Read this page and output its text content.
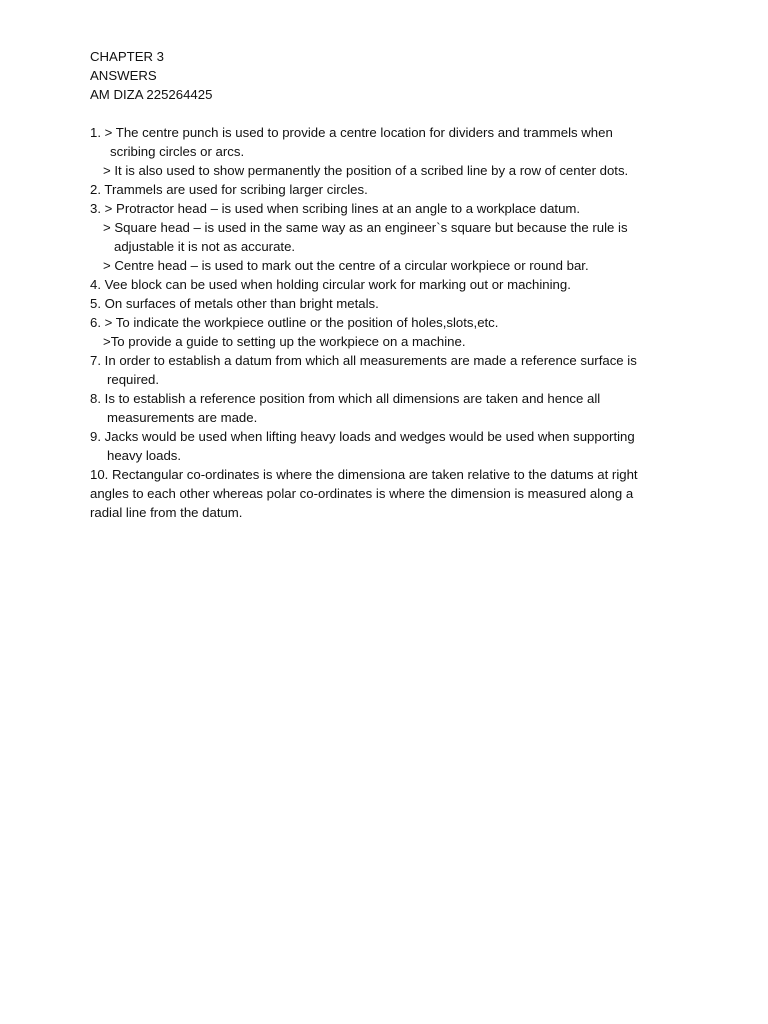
CHAPTER 3
ANSWERS
AM DIZA 225264425
1. > The centre punch is used to provide a centre location for dividers and trammels when
scribing circles or arcs.
> It is also used to show permanently the position of a scribed line by a row of center dots.
2. Trammels are used for scribing larger circles.
3. > Protractor head – is used when scribing lines at an angle to a workplace datum.
> Square head – is used in the same way as an engineer`s square but because the rule is
adjustable it is not as accurate.
> Centre head – is used to mark out the centre of a circular workpiece or round bar.
4. Vee block can be used when holding circular work for marking out or machining.
5. On surfaces of metals other than bright metals.
6. > To indicate the workpiece outline or the position of holes,slots,etc.
>To provide a guide to setting up the workpiece on a machine.
7. In order to establish a datum from which all measurements are made a reference surface is
required.
8. Is to establish a reference position from which all dimensions are taken and hence all
measurements are made.
9. Jacks would be used when lifting heavy loads and wedges would be used when supporting
heavy loads.
10. Rectangular co-ordinates is where the dimensiona are taken relative to the datums at right
angles to each other whereas polar co-ordinates is where the dimension is measured along a
radial line from the datum.
